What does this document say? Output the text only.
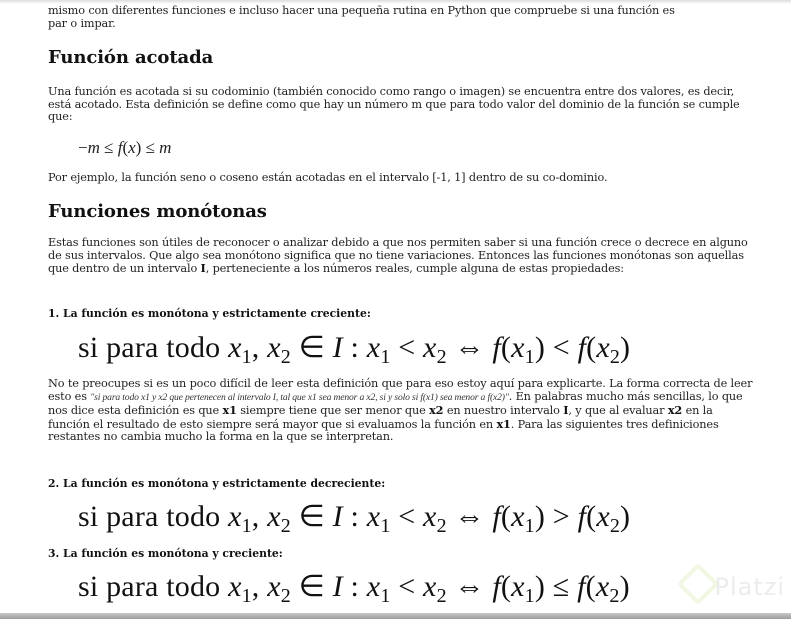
mismo con diferentes funciones e incluso hacer una pequeña rutina en Python que compruebe si una función es
par o impar.
Función acotada
Una función es acotada si su codominio (también conocido como rango o imagen) se encuentra entre dos valores, es decir, está acotado. Esta definición se define como que hay un número m que para todo valor del dominio de la función se cumple que:
−m ≤ f(x) ≤ m
Por ejemplo, la función seno o coseno están acotadas en el intervalo [-1, 1] dentro de su co-dominio.
Funciones monótonas
Estas funciones son útiles de reconocer o analizar debido a que nos permiten saber si una función crece o decrece en alguno de sus intervalos. Que algo sea monótono significa que no tiene variaciones. Entonces las funciones monótonas son aquellas que dentro de un intervalo I, perteneciente a los números reales, cumple alguna de estas propiedades:
1. La función es monótona y estrictamente creciente:
si para todo $x_1$, $x_2$ ∈ I : $x_1 < x_2$ ⇔ $f(x_1) < f(x_2)$
No te preocupes si es un poco difícil de leer esta definición que para eso estoy aquí para explicarte. La forma correcta de leer esto es "si para todo x1 y x2 que pertenecen al intervalo I, tal que x1 sea menor a x2, si y solo si f(x1) sea menor a f(x2)". En palabras mucho más sencillas, lo que nos dice esta definición es que x1 siempre tiene que ser menor que x2 en nuestro intervalo I, y que al evaluar x2 en la función el resultado de esto siempre será mayor que si evaluamos la función en x1. Para las siguientes tres definiciones restantes no cambia mucho la forma en la que se interpretan.
2. La función es monótona y estrictamente decreciente:
si para todo $x_1$, $x_2$ ∈ I : $x_1 < x_2$ ⇔ $f(x_1) > f(x_2)$
3. La función es monótona y creciente:
si para todo $x_1$, $x_2$ ∈ I : $x_1 < x_2$ ⇔ $f(x_1) \le f(x_2)$	Platzi
